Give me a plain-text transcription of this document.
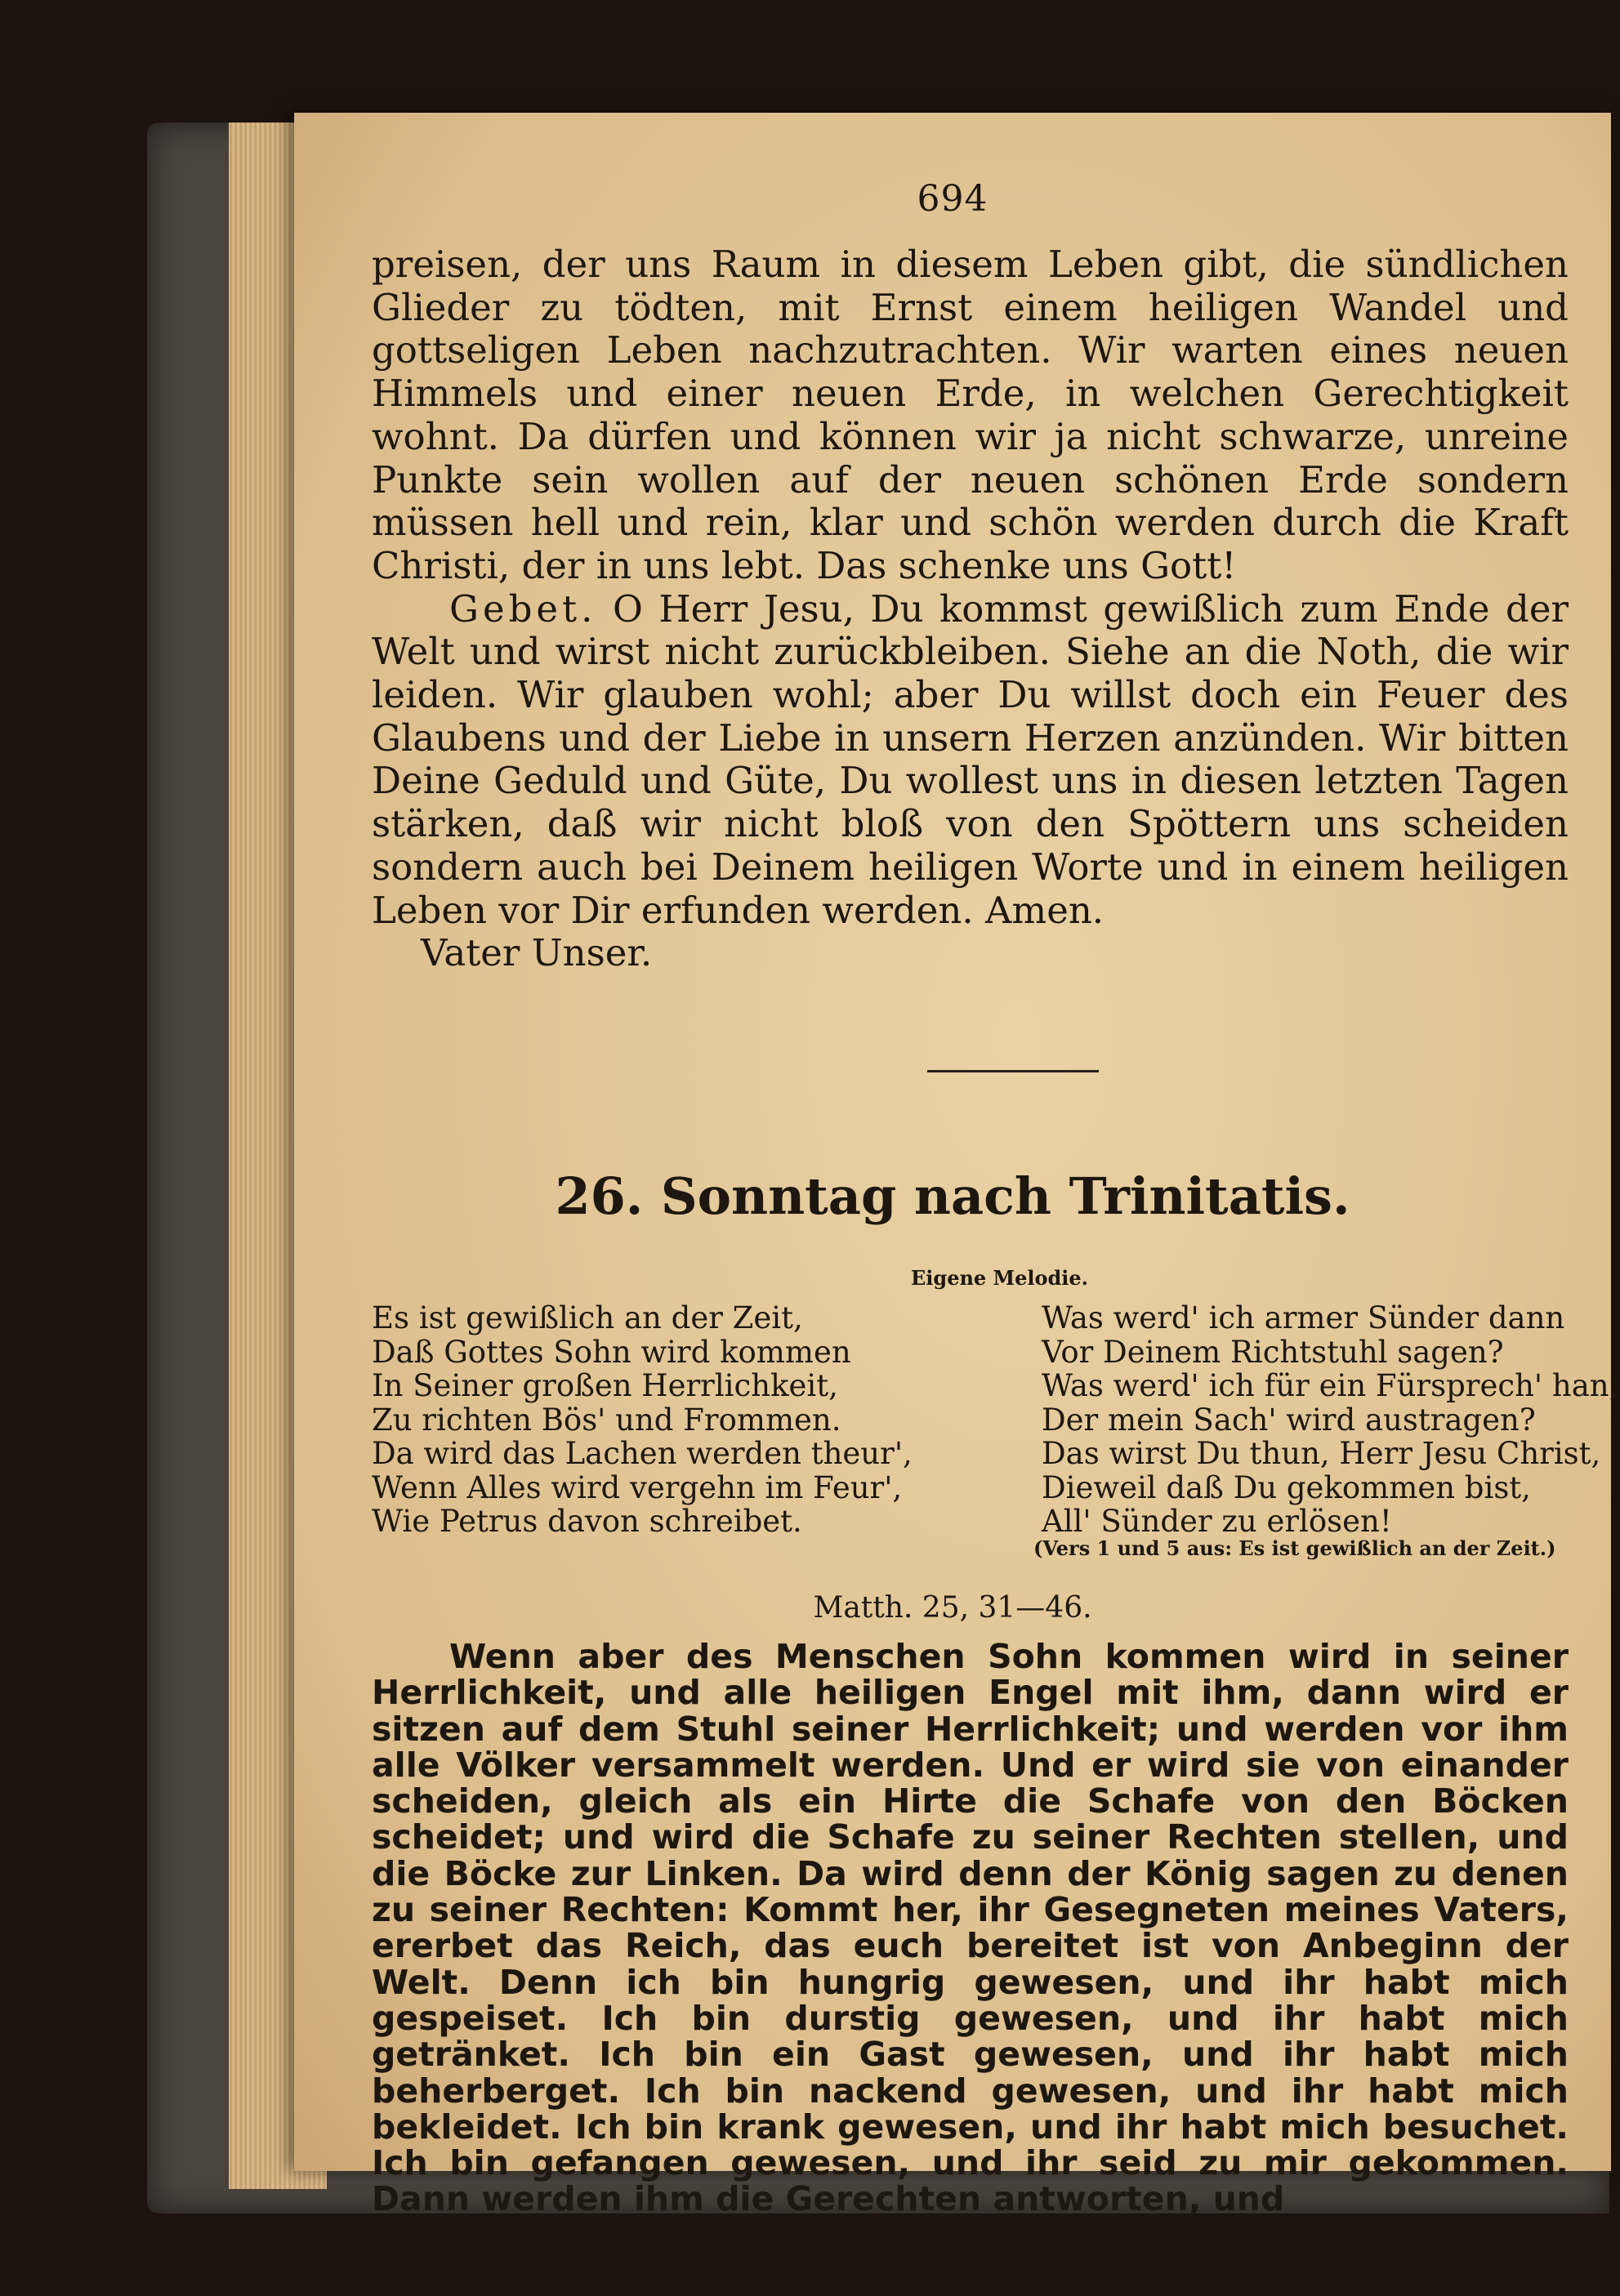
694

preisen, der uns Raum in diesem Leben gibt, die sündlichen Glieder zu tödten, mit Ernst einem heiligen Wandel und gottseligen Leben nachzutrachten. Wir warten eines neuen Himmels und einer neuen Erde, in welchen Gerechtigkeit wohnt. Da dürfen und können wir ja nicht schwarze, unreine Punkte sein wollen auf der neuen schönen Erde sondern müssen hell und rein, klar und schön werden durch die Kraft Christi, der in uns lebt. Das schenke uns Gott!

Gebet. O Herr Jesu, Du kommst gewißlich zum Ende der Welt und wirst nicht zurückbleiben. Siehe an die Noth, die wir leiden. Wir glauben wohl; aber Du willst doch ein Feuer des Glaubens und der Liebe in unsern Herzen anzünden. Wir bitten Deine Geduld und Güte, Du wollest uns in diesen letzten Tagen stärken, daß wir nicht bloß von den Spöttern uns scheiden sondern auch bei Deinem heiligen Worte und in einem heiligen Leben vor Dir erfunden werden. Amen.

Vater Unser.

26. Sonntag nach Trinitatis.
Eigene Melodie.
Es ist gewißlich an der Zeit,
Daß Gottes Sohn wird kommen
In Seiner großen Herrlichkeit,
Zu richten Bös' und Frommen.
Da wird das Lachen werden theur',
Wenn Alles wird vergehn im Feur',
Wie Petrus davon schreibet.
Was werd' ich armer Sünder dann
Vor Deinem Richtstuhl sagen?
Was werd' ich für ein Fürsprech' han,
Der mein Sach' wird austragen?
Das wirst Du thun, Herr Jesu Christ,
Dieweil daß Du gekommen bist,
All' Sünder zu erlösen!
(Vers 1 und 5 aus: Es ist gewißlich an der Zeit.)
Matth. 25, 31—46.

Wenn aber des Menschen Sohn kommen wird in seiner Herrlichkeit, und alle heiligen Engel mit ihm, dann wird er sitzen auf dem Stuhl seiner Herrlichkeit; und werden vor ihm alle Völker versammelt werden. Und er wird sie von einander scheiden, gleich als ein Hirte die Schafe von den Böcken scheidet; und wird die Schafe zu seiner Rechten stellen, und die Böcke zur Linken. Da wird denn der König sagen zu denen zu seiner Rechten: Kommt her, ihr Gesegneten meines Vaters, ererbet das Reich, das euch bereitet ist von Anbeginn der Welt. Denn ich bin hungrig gewesen, und ihr habt mich gespeiset. Ich bin durstig gewesen, und ihr habt mich getränket. Ich bin ein Gast gewesen, und ihr habt mich beherberget. Ich bin nackend gewesen, und ihr habt mich bekleidet. Ich bin krank gewesen, und ihr habt mich besuchet. Ich bin gefangen gewesen, und ihr seid zu mir gekommen. Dann werden ihm die Gerechten antworten, und
